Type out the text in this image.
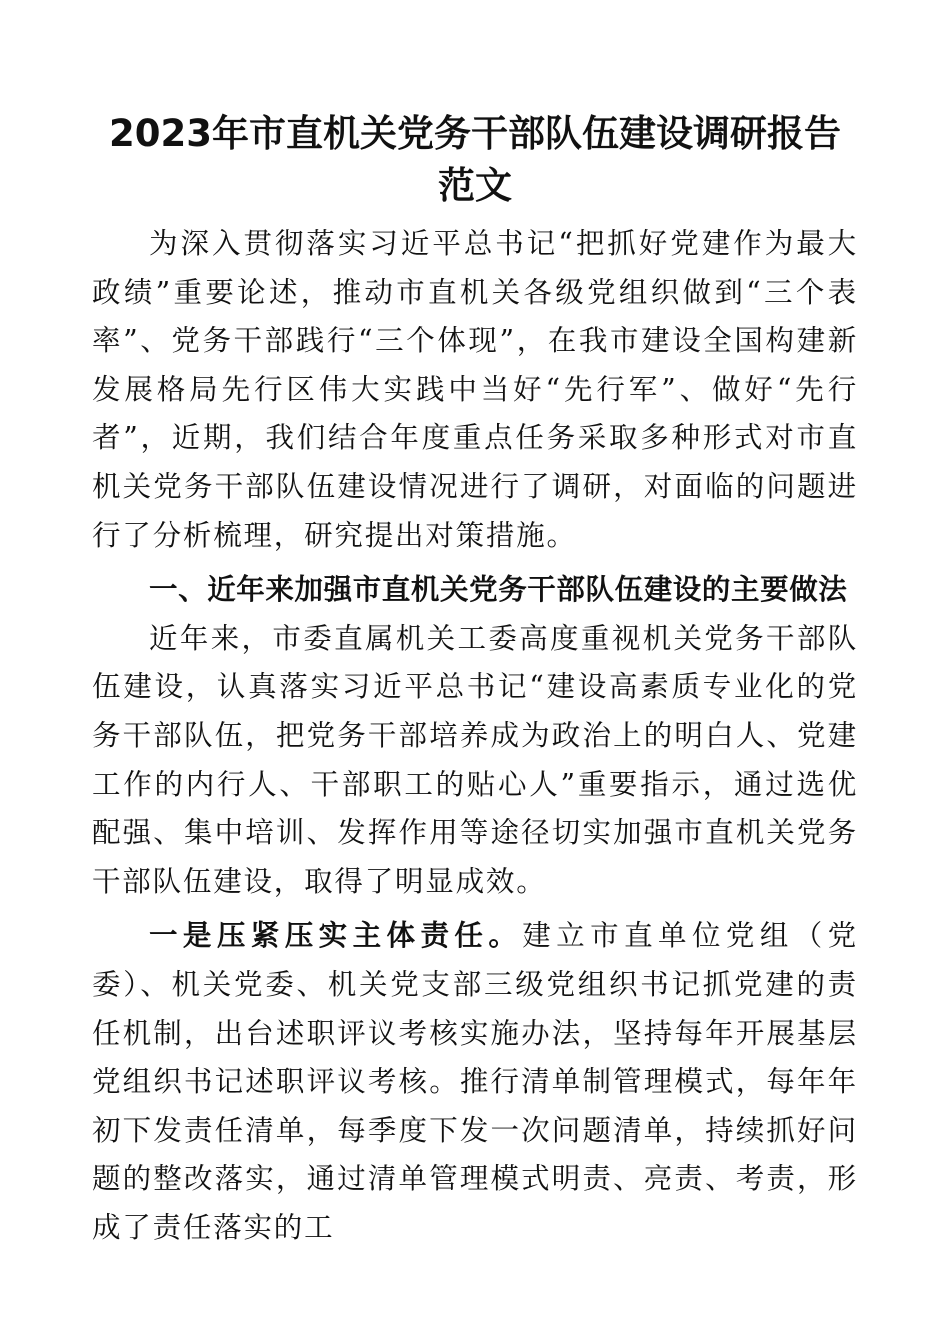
2023年市直机关党务干部队伍建设调研报告范文

为深入贯彻落实习近平总书记“把抓好党建作为最大政绩”重要论述，推动市直机关各级党组织做到“三个表率”、党务干部践行“三个体现”，在我市建设全国构建新发展格局先行区伟大实践中当好“先行军”、做好“先行者”，近期，我们结合年度重点任务采取多种形式对市直机关党务干部队伍建设情况进行了调研，对面临的问题进行了分析梳理，研究提出对策措施。

一、近年来加强市直机关党务干部队伍建设的主要做法

近年来，市委直属机关工委高度重视机关党务干部队伍建设，认真落实习近平总书记“建设高素质专业化的党务干部队伍，把党务干部培养成为政治上的明白人、党建工作的内行人、干部职工的贴心人”重要指示，通过选优配强、集中培训、发挥作用等途径切实加强市直机关党务干部队伍建设，取得了明显成效。

一是压紧压实主体责任。建立市直单位党组（党委）、机关党委、机关党支部三级党组织书记抓党建的责任机制，出台述职评议考核实施办法，坚持每年开展基层党组织书记述职评议考核。推行清单制管理模式，每年年初下发责任清单，每季度下发一次问题清单，持续抓好问题的整改落实，通过清单管理模式明责、亮责、考责，形成了责任落实的工
